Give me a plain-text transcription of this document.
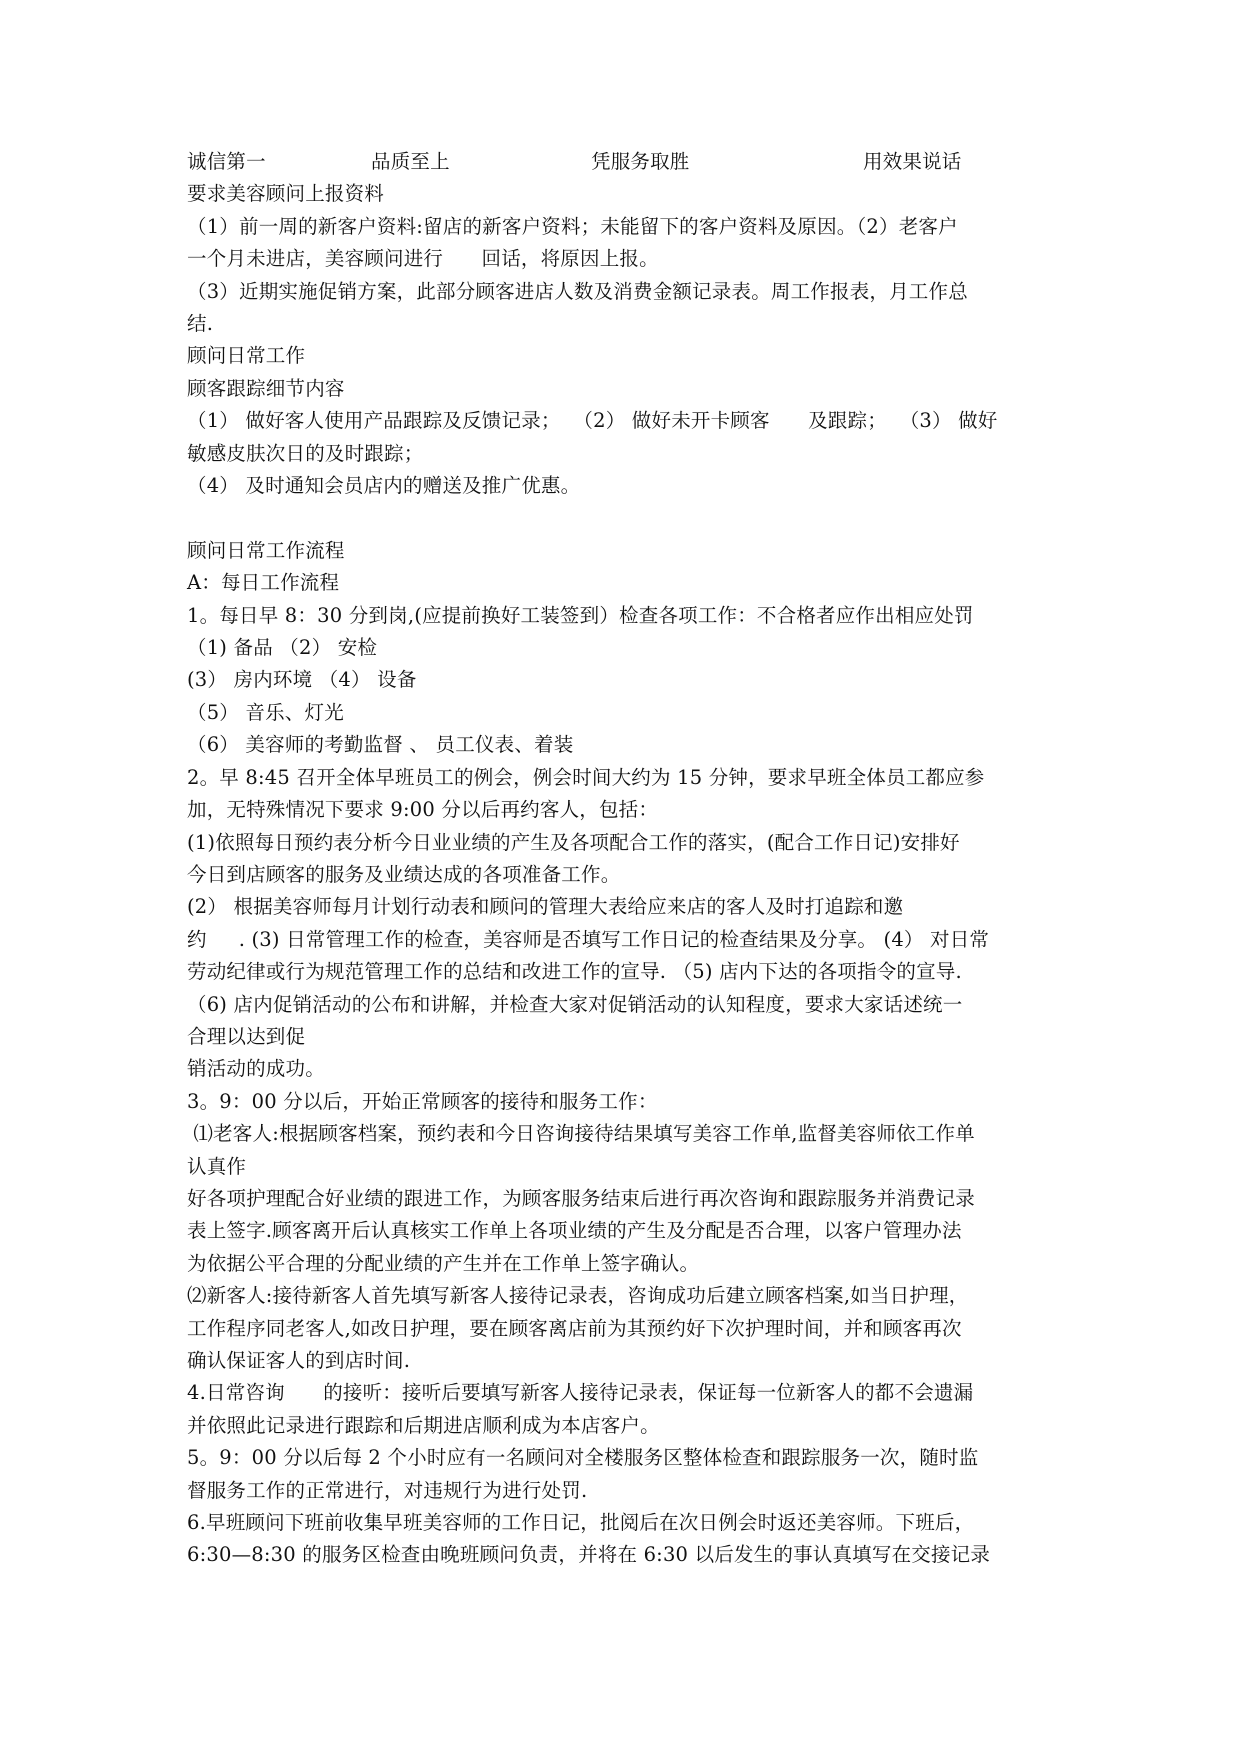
诚信第一

	品质至上

	凭服务取胜

	用效果说话

要求美容顾问上报资料
（1）前一周的新客户资料:留店的新客户资料；未能留下的客户资料及原因。（2）老客户
一个月未进店，美容顾问进行      回话，将原因上报。
（3）近期实施促销方案，此部分顾客进店人数及消费金额记录表。周工作报表，月工作总
结.
顾问日常工作
顾客跟踪细节内容
（1） 做好客人使用产品跟踪及反馈记录；  （2） 做好未开卡顾客      及跟踪；  （3） 做好
敏感皮肤次日的及时跟踪；
（4） 及时通知会员店内的赠送及推广优惠。
顾问日常工作流程
A：每日工作流程
1。每日早 8：30 分到岗,(应提前换好工装签到）检查各项工作：不合格者应作出相应处罚
（1) 备品 （2） 安检
(3） 房内环境 （4） 设备
（5） 音乐、灯光
（6） 美容师的考勤监督 、 员工仪表、着装
2。早 8:45 召开全体早班员工的例会，例会时间大约为 15 分钟，要求早班全体员工都应参
加，无特殊情况下要求 9:00 分以后再约客人，包括：
(1)依照每日预约表分析今日业业绩的产生及各项配合工作的落实，(配合工作日记)安排好
今日到店顾客的服务及业绩达成的各项准备工作。
(2） 根据美容师每月计划行动表和顾问的管理大表给应来店的客人及时打追踪和邀
约     . (3) 日常管理工作的检查，美容师是否填写工作日记的检查结果及分享。 (4） 对日常
劳动纪律或行为规范管理工作的总结和改进工作的宣导. （5) 店内下达的各项指令的宣导.
（6) 店内促销活动的公布和讲解，并检查大家对促销活动的认知程度，要求大家话述统一
合理以达到促
销活动的成功。
3。9：00 分以后，开始正常顾客的接待和服务工作：
⑴老客人:根据顾客档案，预约表和今日咨询接待结果填写美容工作单,监督美容师依工作单
认真作
好各项护理配合好业绩的跟进工作，为顾客服务结束后进行再次咨询和跟踪服务并消费记录
表上签字.顾客离开后认真核实工作单上各项业绩的产生及分配是否合理，以客户管理办法
为依据公平合理的分配业绩的产生并在工作单上签字确认。
⑵新客人:接待新客人首先填写新客人接待记录表，咨询成功后建立顾客档案,如当日护理，
工作程序同老客人,如改日护理，要在顾客离店前为其预约好下次护理时间，并和顾客再次
确认保证客人的到店时间.
4.日常咨询      的接听：接听后要填写新客人接待记录表，保证每一位新客人的都不会遗漏
并依照此记录进行跟踪和后期进店顺利成为本店客户。
5。9：00 分以后每 2 个小时应有一名顾问对全楼服务区整体检查和跟踪服务一次，随时监
督服务工作的正常进行，对违规行为进行处罚.
6.早班顾问下班前收集早班美容师的工作日记，批阅后在次日例会时返还美容师。下班后，
6:30—8:30 的服务区检查由晚班顾问负责，并将在 6:30 以后发生的事认真填写在交接记录
